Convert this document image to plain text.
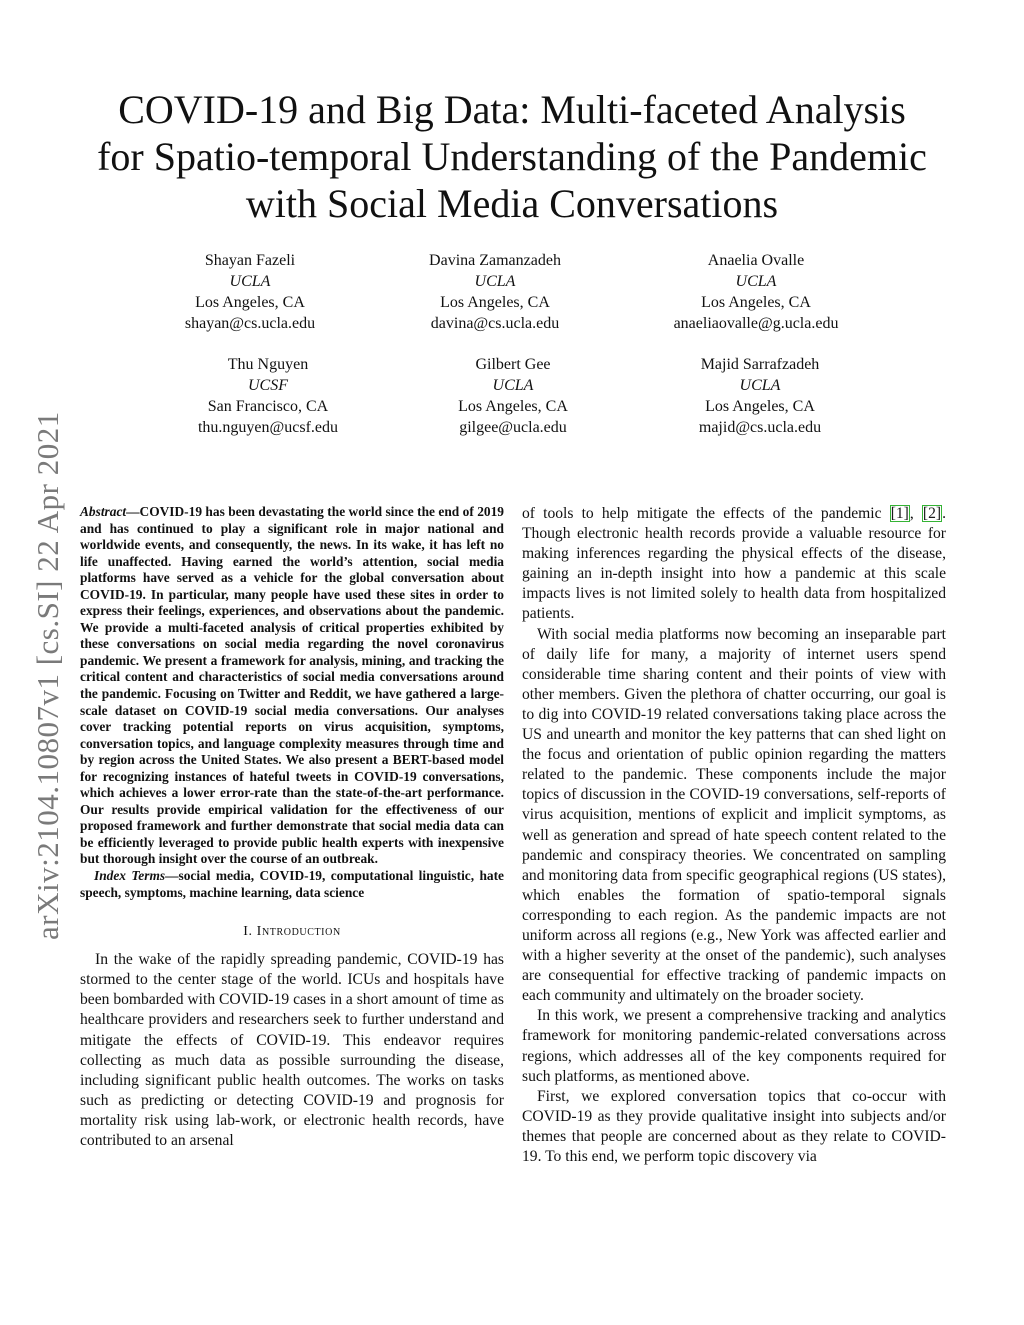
arXiv:2104.10807v1 [cs.SI] 22 Apr 2021
COVID-19 and Big Data: Multi-faceted Analysis
for Spatio-temporal Understanding of the Pandemic
with Social Media Conversations
Shayan Fazeli
UCLA
Los Angeles, CA
shayan@cs.ucla.edu
Davina Zamanzadeh
UCLA
Los Angeles, CA
davina@cs.ucla.edu
Anaelia Ovalle
UCLA
Los Angeles, CA
anaeliaovalle@g.ucla.edu
Thu Nguyen
UCSF
San Francisco, CA
thu.nguyen@ucsf.edu
Gilbert Gee
UCLA
Los Angeles, CA
gilgee@ucla.edu
Majid Sarrafzadeh
UCLA
Los Angeles, CA
majid@cs.ucla.edu

Abstract—COVID-19 has been devastating the world since the end of 2019 and has continued to play a significant role in major national and worldwide events, and consequently, the news. In its wake, it has left no life unaffected. Having earned the world’s attention, social media platforms have served as a vehicle for the global conversation about COVID-19. In particular, many people have used these sites in order to express their feelings, experiences, and observations about the pandemic. We provide a multi-faceted analysis of critical properties exhibited by these conversations on social media regarding the novel coronavirus pandemic. We present a framework for analysis, mining, and tracking the critical content and characteristics of social media conversations around the pandemic. Focusing on Twitter and Reddit, we have gathered a large-scale dataset on COVID-19 social media conversations. Our analyses cover tracking potential reports on virus acquisition, symptoms, conversation topics, and language complexity measures through time and by region across the United States. We also present a BERT-based model for recognizing instances of hateful tweets in COVID-19 conversations, which achieves a lower error-rate than the state-of-the-art performance. Our results provide empirical validation for the effectiveness of our proposed framework and further demonstrate that social media data can be efficiently leveraged to provide public health experts with inexpensive but thorough insight over the course of an outbreak.

Index Terms—social media, COVID-19, computational linguistic, hate speech, symptoms, machine learning, data science

I. Introduction

In the wake of the rapidly spreading pandemic, COVID-19 has stormed to the center stage of the world. ICUs and hospitals have been bombarded with COVID-19 cases in a short amount of time as healthcare providers and researchers seek to further understand and mitigate the effects of COVID-19. This endeavor requires collecting as much data as possible surrounding the disease, including significant public health outcomes. The works on tasks such as predicting or detecting COVID-19 and prognosis for mortality risk using lab-work, or electronic health records, have contributed to an arsenal

of tools to help mitigate the effects of the pandemic [1], [2]. Though electronic health records provide a valuable resource for making inferences regarding the physical effects of the disease, gaining an in-depth insight into how a pandemic at this scale impacts lives is not limited solely to health data from hospitalized patients.

With social media platforms now becoming an inseparable part of daily life for many, a majority of internet users spend considerable time sharing content and their points of view with other members. Given the plethora of chatter occurring, our goal is to dig into COVID-19 related conversations taking place across the US and unearth and monitor the key patterns that can shed light on the focus and orientation of public opinion regarding the matters related to the pandemic. These components include the major topics of discussion in the COVID-19 conversations, self-reports of virus acquisition, mentions of explicit and implicit symptoms, as well as generation and spread of hate speech content related to the pandemic and conspiracy theories. We concentrated on sampling and monitoring data from specific geographical regions (US states), which enables the formation of spatio-temporal signals corresponding to each region. As the pandemic impacts are not uniform across all regions (e.g., New York was affected earlier and with a higher severity at the onset of the pandemic), such analyses are consequential for effective tracking of pandemic impacts on each community and ultimately on the broader society.

In this work, we present a comprehensive tracking and analytics framework for monitoring pandemic-related conversations across regions, which addresses all of the key components required for such platforms, as mentioned above.

First, we explored conversation topics that co-occur with COVID-19 as they provide qualitative insight into subjects and/or themes that people are concerned about as they relate to COVID-19. To this end, we perform topic discovery via
